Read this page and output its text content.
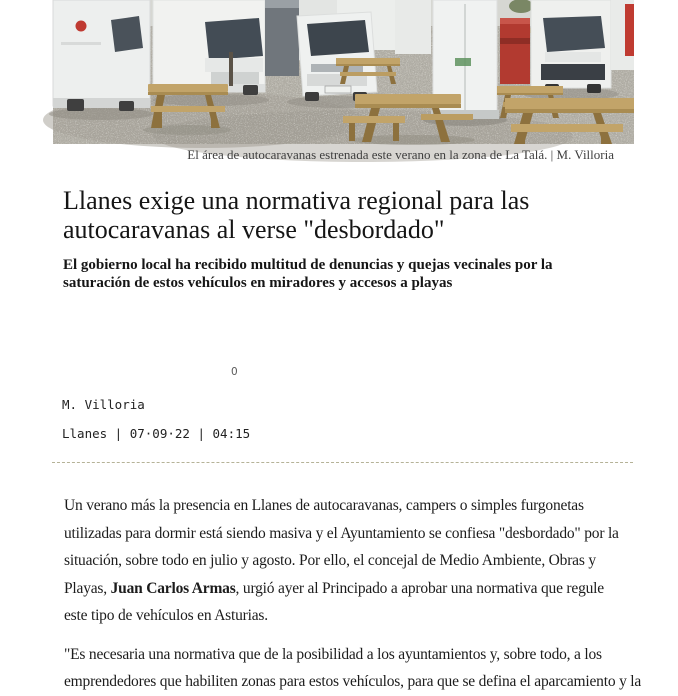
El área de autocaravanas estrenada este verano en la zona de La Talá. | M. Villoria
Llanes exige una normativa regional para las
autocaravanas al verse "desbordado"
El gobierno local ha recibido multitud de denuncias y quejas vecinales por la
saturación de estos vehículos en miradores y accesos a playas
0
M. Villoria
Llanes | 07·09·22 | 04:15
Un verano más la presencia en Llanes de autocaravanas, campers o simples furgonetas
utilizadas para dormir está siendo masiva y el Ayuntamiento se confiesa "desbordado" por la
situación, sobre todo en julio y agosto. Por ello, el concejal de Medio Ambiente, Obras y
Playas, Juan Carlos Armas, urgió ayer al Principado a aprobar una normativa que regule
este tipo de vehículos en Asturias.
"Es necesaria una normativa que de la posibilidad a los ayuntamientos y, sobre todo, a los
emprendedores que habiliten zonas para estos vehículos, para que se defina el aparcamiento y la
